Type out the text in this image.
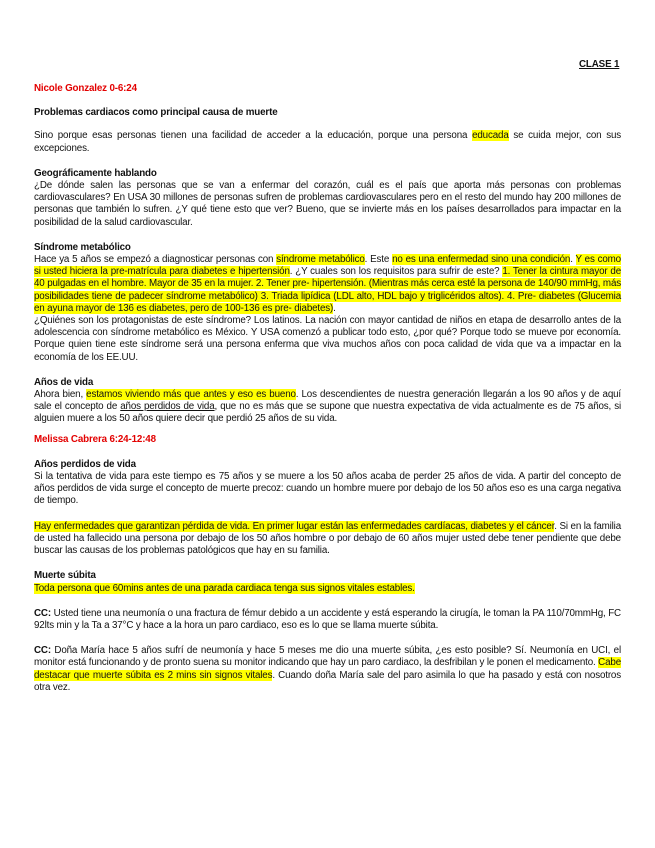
CLASE 1

Nicole Gonzalez 0-6:24

Problemas cardiacos como principal causa de muerte

Sino porque esas personas tienen una facilidad de acceder a la educación, porque una persona educada se cuida mejor, con sus excepciones.

Geográficamente hablando

¿De dónde salen las personas que se van a enfermar del corazón, cuál es el país que aporta más personas con problemas cardiovasculares? En USA 30 millones de personas sufren de problemas cardiovasculares pero en el resto del mundo hay 200 millones de personas que también lo sufren. ¿Y qué tiene esto que ver? Bueno, que se invierte más en los países desarrollados para impactar en la posibilidad de la salud cardiovascular.

Síndrome metabólico

Hace ya 5 años se empezó a diagnosticar personas con síndrome metabólico. Este no es una enfermedad sino una condición. Y es como si usted hiciera la pre-matrícula para diabetes e hipertensión. ¿Y cuales son los requisitos para sufrir de este? 1. Tener la cintura mayor de 40 pulgadas en el hombre. Mayor de 35 en la mujer. 2. Tener pre- hipertensión. (Mientras más cerca esté la persona de 140/90 mmHg, más posibilidades tiene de padecer síndrome metabólico) 3. Triada lipídica (LDL alto, HDL bajo y triglicéridos altos). 4. Pre- diabetes (Glucemia en ayuna mayor de 136 es diabetes, pero de 100-136 es pre- diabetes).

¿Quiénes son los protagonistas de este síndrome? Los latinos. La nación con mayor cantidad de niños en etapa de desarrollo antes de la adolescencia con síndrome metabólico es México. Y USA comenzó a publicar todo esto, ¿por qué? Porque todo se mueve por economía. Porque quien tiene este síndrome será una persona enferma que viva muchos años con poca calidad de vida que va a impactar en la economía de los EE.UU.

Años de vida

Ahora bien, estamos viviendo más que antes y eso es bueno. Los descendientes de nuestra generación llegarán a los 90 años y de aquí sale el concepto de años perdidos de vida, que no es más que se supone que nuestra expectativa de vida actualmente es de 75 años, si alguien muere a los 50 años quiere decir que perdió 25 años de su vida.

Melissa Cabrera 6:24-12:48

Años perdidos de vida

Si la tentativa de vida para este tiempo es 75 años y se muere a los 50 años acaba de perder 25 años de vida. A partir del concepto de años perdidos de vida surge el concepto de muerte precoz: cuando un hombre muere por debajo de los 50 años eso es una carga negativa de tiempo.

Hay enfermedades que garantizan pérdida de vida. En primer lugar están las enfermedades cardíacas, diabetes y el cáncer. Si en la familia de usted ha fallecido una persona por debajo de los 50 años hombre o por debajo de 60 años mujer usted debe tener pendiente que debe buscar las causas de los problemas patológicos que hay en su familia.

Muerte súbita

Toda persona que 60mins antes de una parada cardiaca tenga sus signos vitales estables.

CC: Usted tiene una neumonía o una fractura de fémur debido a un accidente y está esperando la cirugía, le toman la PA 110/70mmHg, FC 92lts min y la Ta a 37°C y hace a la hora un paro cardiaco, eso es lo que se llama muerte súbita.

CC: Doña María hace 5 años sufrí de neumonía y hace 5 meses me dio una muerte súbita, ¿es esto posible? Sí. Neumonía en UCI, el monitor está funcionando y de pronto suena su monitor indicando que hay un paro cardiaco, la desfribilan y le ponen el medicamento. Cabe destacar que muerte súbita es 2 mins sin signos vitales. Cuando doña María sale del paro asimila lo que ha pasado y está con nosotros otra vez.
